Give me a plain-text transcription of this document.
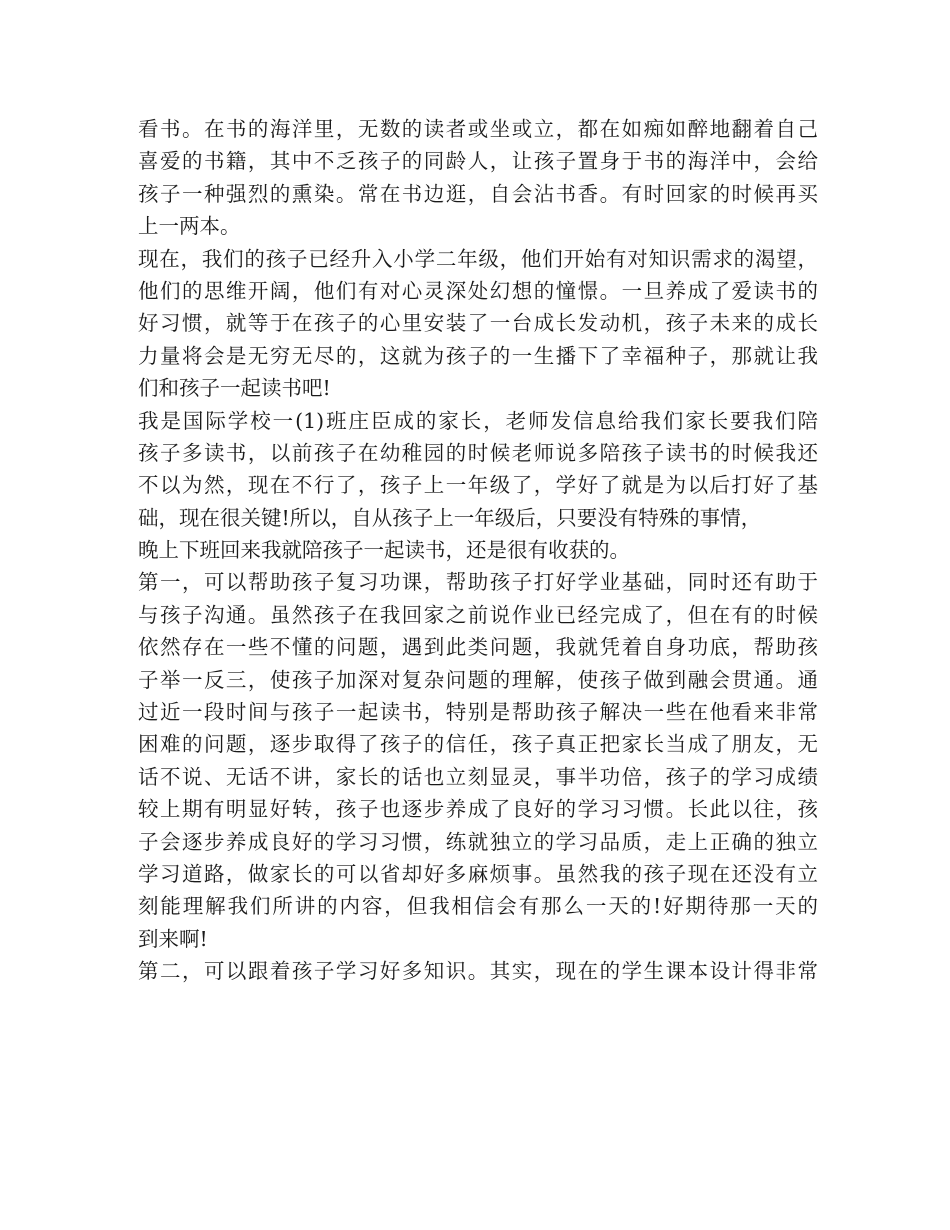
看书。在书的海洋里，无数的读者或坐或立，都在如痴如醉地翻着自己
喜爱的书籍，其中不乏孩子的同龄人，让孩子置身于书的海洋中，会给
孩子一种强烈的熏染。常在书边逛，自会沾书香。有时回家的时候再买
上一两本。
现在，我们的孩子已经升入小学二年级，他们开始有对知识需求的渴望，
他们的思维开阔，他们有对心灵深处幻想的憧憬。一旦养成了爱读书的
好习惯，就等于在孩子的心里安装了一台成长发动机，孩子未来的成长
力量将会是无穷无尽的，这就为孩子的一生播下了幸福种子，那就让我
们和孩子一起读书吧!
我是国际学校一(1)班庄臣成的家长，老师发信息给我们家长要我们陪
孩子多读书，以前孩子在幼稚园的时候老师说多陪孩子读书的时候我还
不以为然，现在不行了，孩子上一年级了，学好了就是为以后打好了基
础，现在很关键!所以，自从孩子上一年级后，只要没有特殊的事情，
晚上下班回来我就陪孩子一起读书，还是很有收获的。
第一，可以帮助孩子复习功课，帮助孩子打好学业基础，同时还有助于
与孩子沟通。虽然孩子在我回家之前说作业已经完成了，但在有的时候
依然存在一些不懂的问题，遇到此类问题，我就凭着自身功底，帮助孩
子举一反三，使孩子加深对复杂问题的理解，使孩子做到融会贯通。通
过近一段时间与孩子一起读书，特别是帮助孩子解决一些在他看来非常
困难的问题，逐步取得了孩子的信任，孩子真正把家长当成了朋友，无
话不说、无话不讲，家长的话也立刻显灵，事半功倍，孩子的学习成绩
较上期有明显好转，孩子也逐步养成了良好的学习习惯。长此以往，孩
子会逐步养成良好的学习习惯，练就独立的学习品质，走上正确的独立
学习道路，做家长的可以省却好多麻烦事。虽然我的孩子现在还没有立
刻能理解我们所讲的内容，但我相信会有那么一天的!好期待那一天的
到来啊!
第二，可以跟着孩子学习好多知识。其实，现在的学生课本设计得非常
